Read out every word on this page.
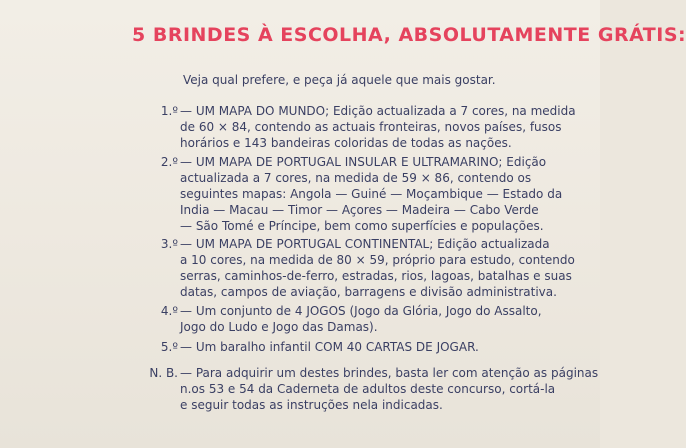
5 BRINDES À ESCOLHA, ABSOLUTAMENTE GRÁTIS:
Veja qual prefere, e peça já aquele que mais gostar.
1.º — UM MAPA DO MUNDO; Edição actualizada a 7 cores, na medida
de 60 × 84, contendo as actuais fronteiras, novos países, fusos
horários e 143 bandeiras coloridas de todas as nações.
2.º — UM MAPA DE PORTUGAL INSULAR E ULTRAMARINO; Edição
actualizada a 7 cores, na medida de 59 × 86, contendo os
seguintes mapas: Angola — Guiné — Moçambique — Estado da
India — Macau — Timor — Açores — Madeira — Cabo Verde
— São Tomé e Príncipe, bem como superfícies e populações.
3.º — UM MAPA DE PORTUGAL CONTINENTAL; Edição actualizada
a 10 cores, na medida de 80 × 59, próprio para estudo, contendo
serras, caminhos-de-ferro, estradas, rios, lagoas, batalhas e suas
datas, campos de aviação, barragens e divisão administrativa.
4.º — Um conjunto de 4 JOGOS (Jogo da Glória, Jogo do Assalto,
Jogo do Ludo e Jogo das Damas).
5.º — Um baralho infantil COM 40 CARTAS DE JOGAR.
N. B. — Para adquirir um destes brindes, basta ler com atenção as páginas
n.os 53 e 54 da Caderneta de adultos deste concurso, cortá-la
e seguir todas as instruções nela indicadas.
